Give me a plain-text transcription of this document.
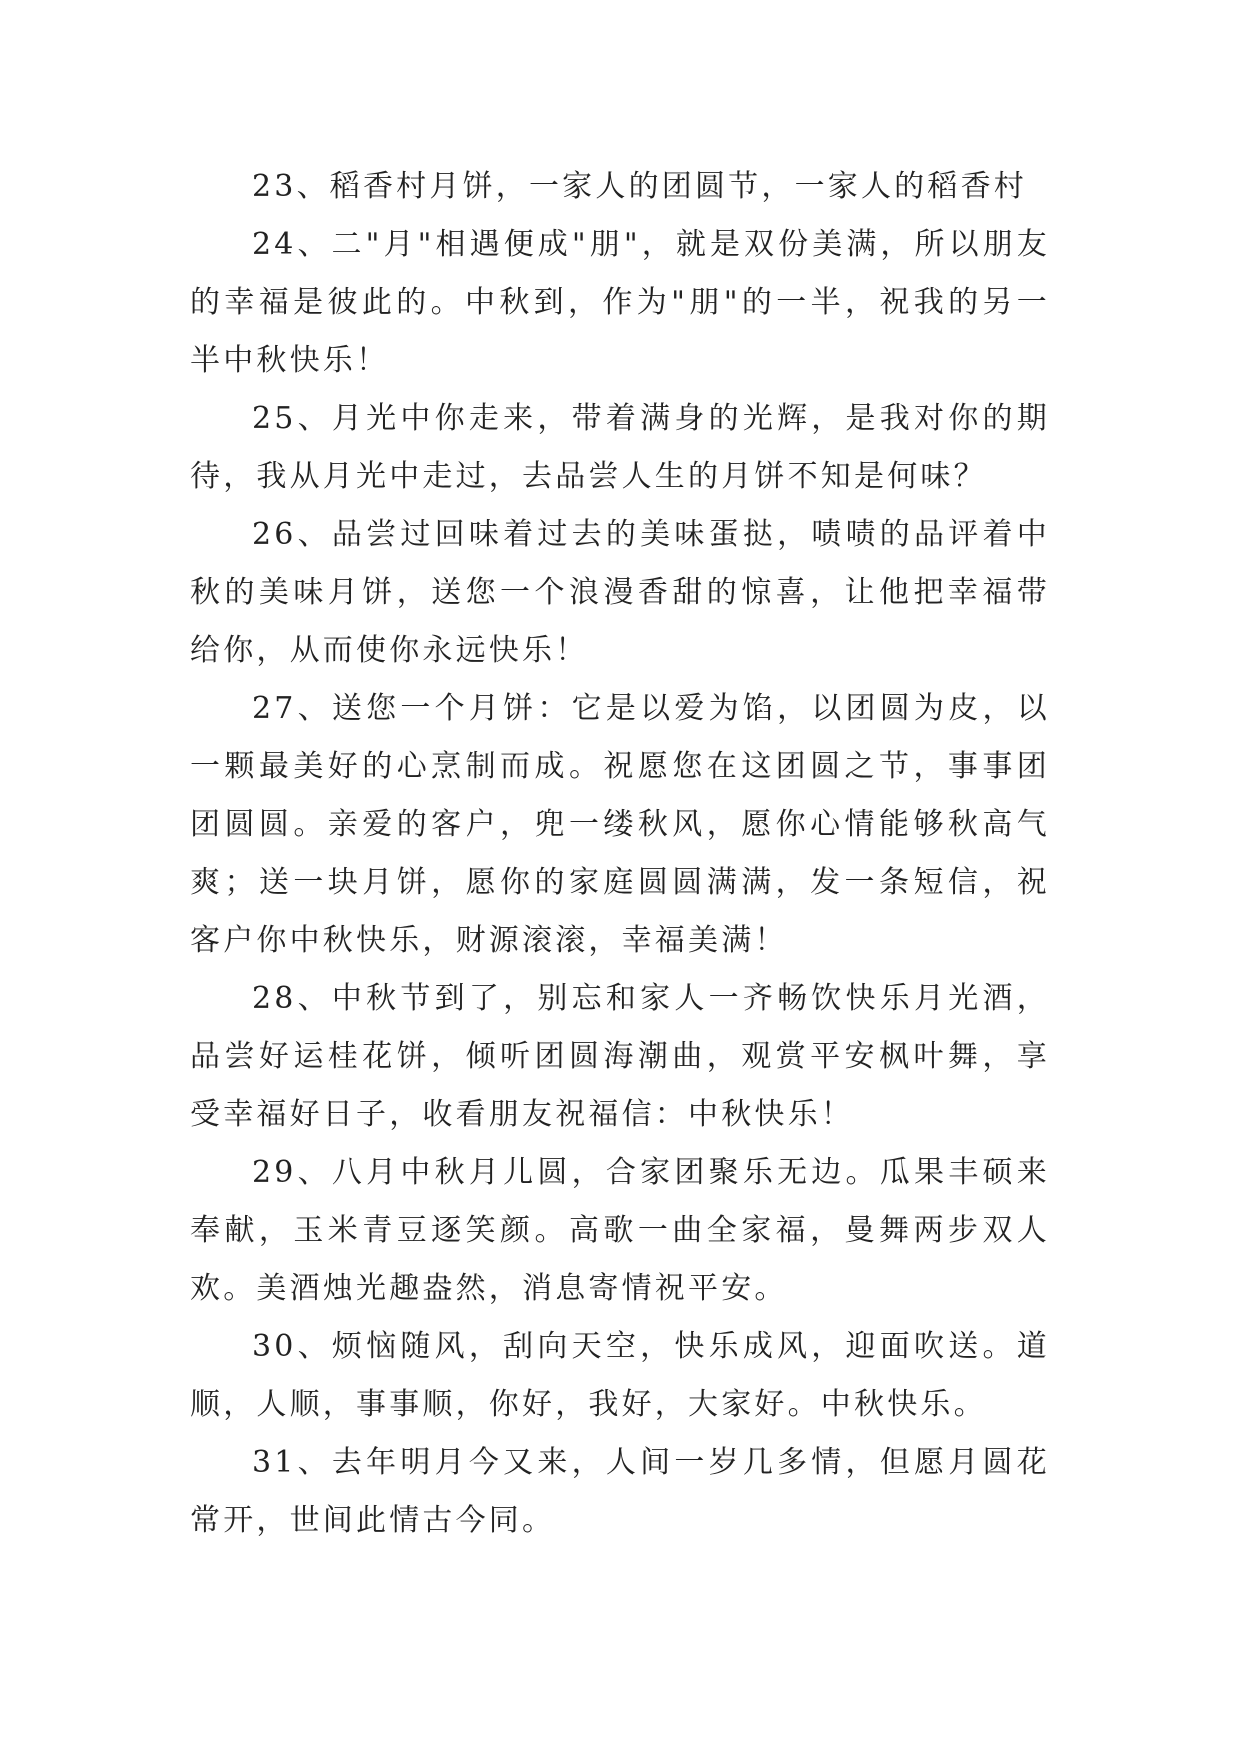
23、稻香村月饼，一家人的团圆节，一家人的稻香村

24、二"月"相遇便成"朋"，就是双份美满，所以朋友的幸福是彼此的。中秋到，作为"朋"的一半，祝我的另一半中秋快乐！

25、月光中你走来，带着满身的光辉，是我对你的期待，我从月光中走过，去品尝人生的月饼不知是何味？

26、品尝过回味着过去的美味蛋挞，啧啧的品评着中秋的美味月饼，送您一个浪漫香甜的惊喜，让他把幸福带给你，从而使你永远快乐！

27、送您一个月饼：它是以爱为馅，以团圆为皮，以一颗最美好的心烹制而成。祝愿您在这团圆之节，事事团团圆圆。亲爱的客户，兜一缕秋风，愿你心情能够秋高气爽；送一块月饼，愿你的家庭圆圆满满，发一条短信，祝客户你中秋快乐，财源滚滚，幸福美满！

28、中秋节到了，别忘和家人一齐畅饮快乐月光酒，品尝好运桂花饼，倾听团圆海潮曲，观赏平安枫叶舞，享受幸福好日子，收看朋友祝福信：中秋快乐！

29、八月中秋月儿圆，合家团聚乐无边。瓜果丰硕来奉献，玉米青豆逐笑颜。高歌一曲全家福，曼舞两步双人欢。美酒烛光趣盎然，消息寄情祝平安。

30、烦恼随风，刮向天空，快乐成风，迎面吹送。道顺，人顺，事事顺，你好，我好，大家好。中秋快乐。

31、去年明月今又来，人间一岁几多情，但愿月圆花常开，世间此情古今同。
